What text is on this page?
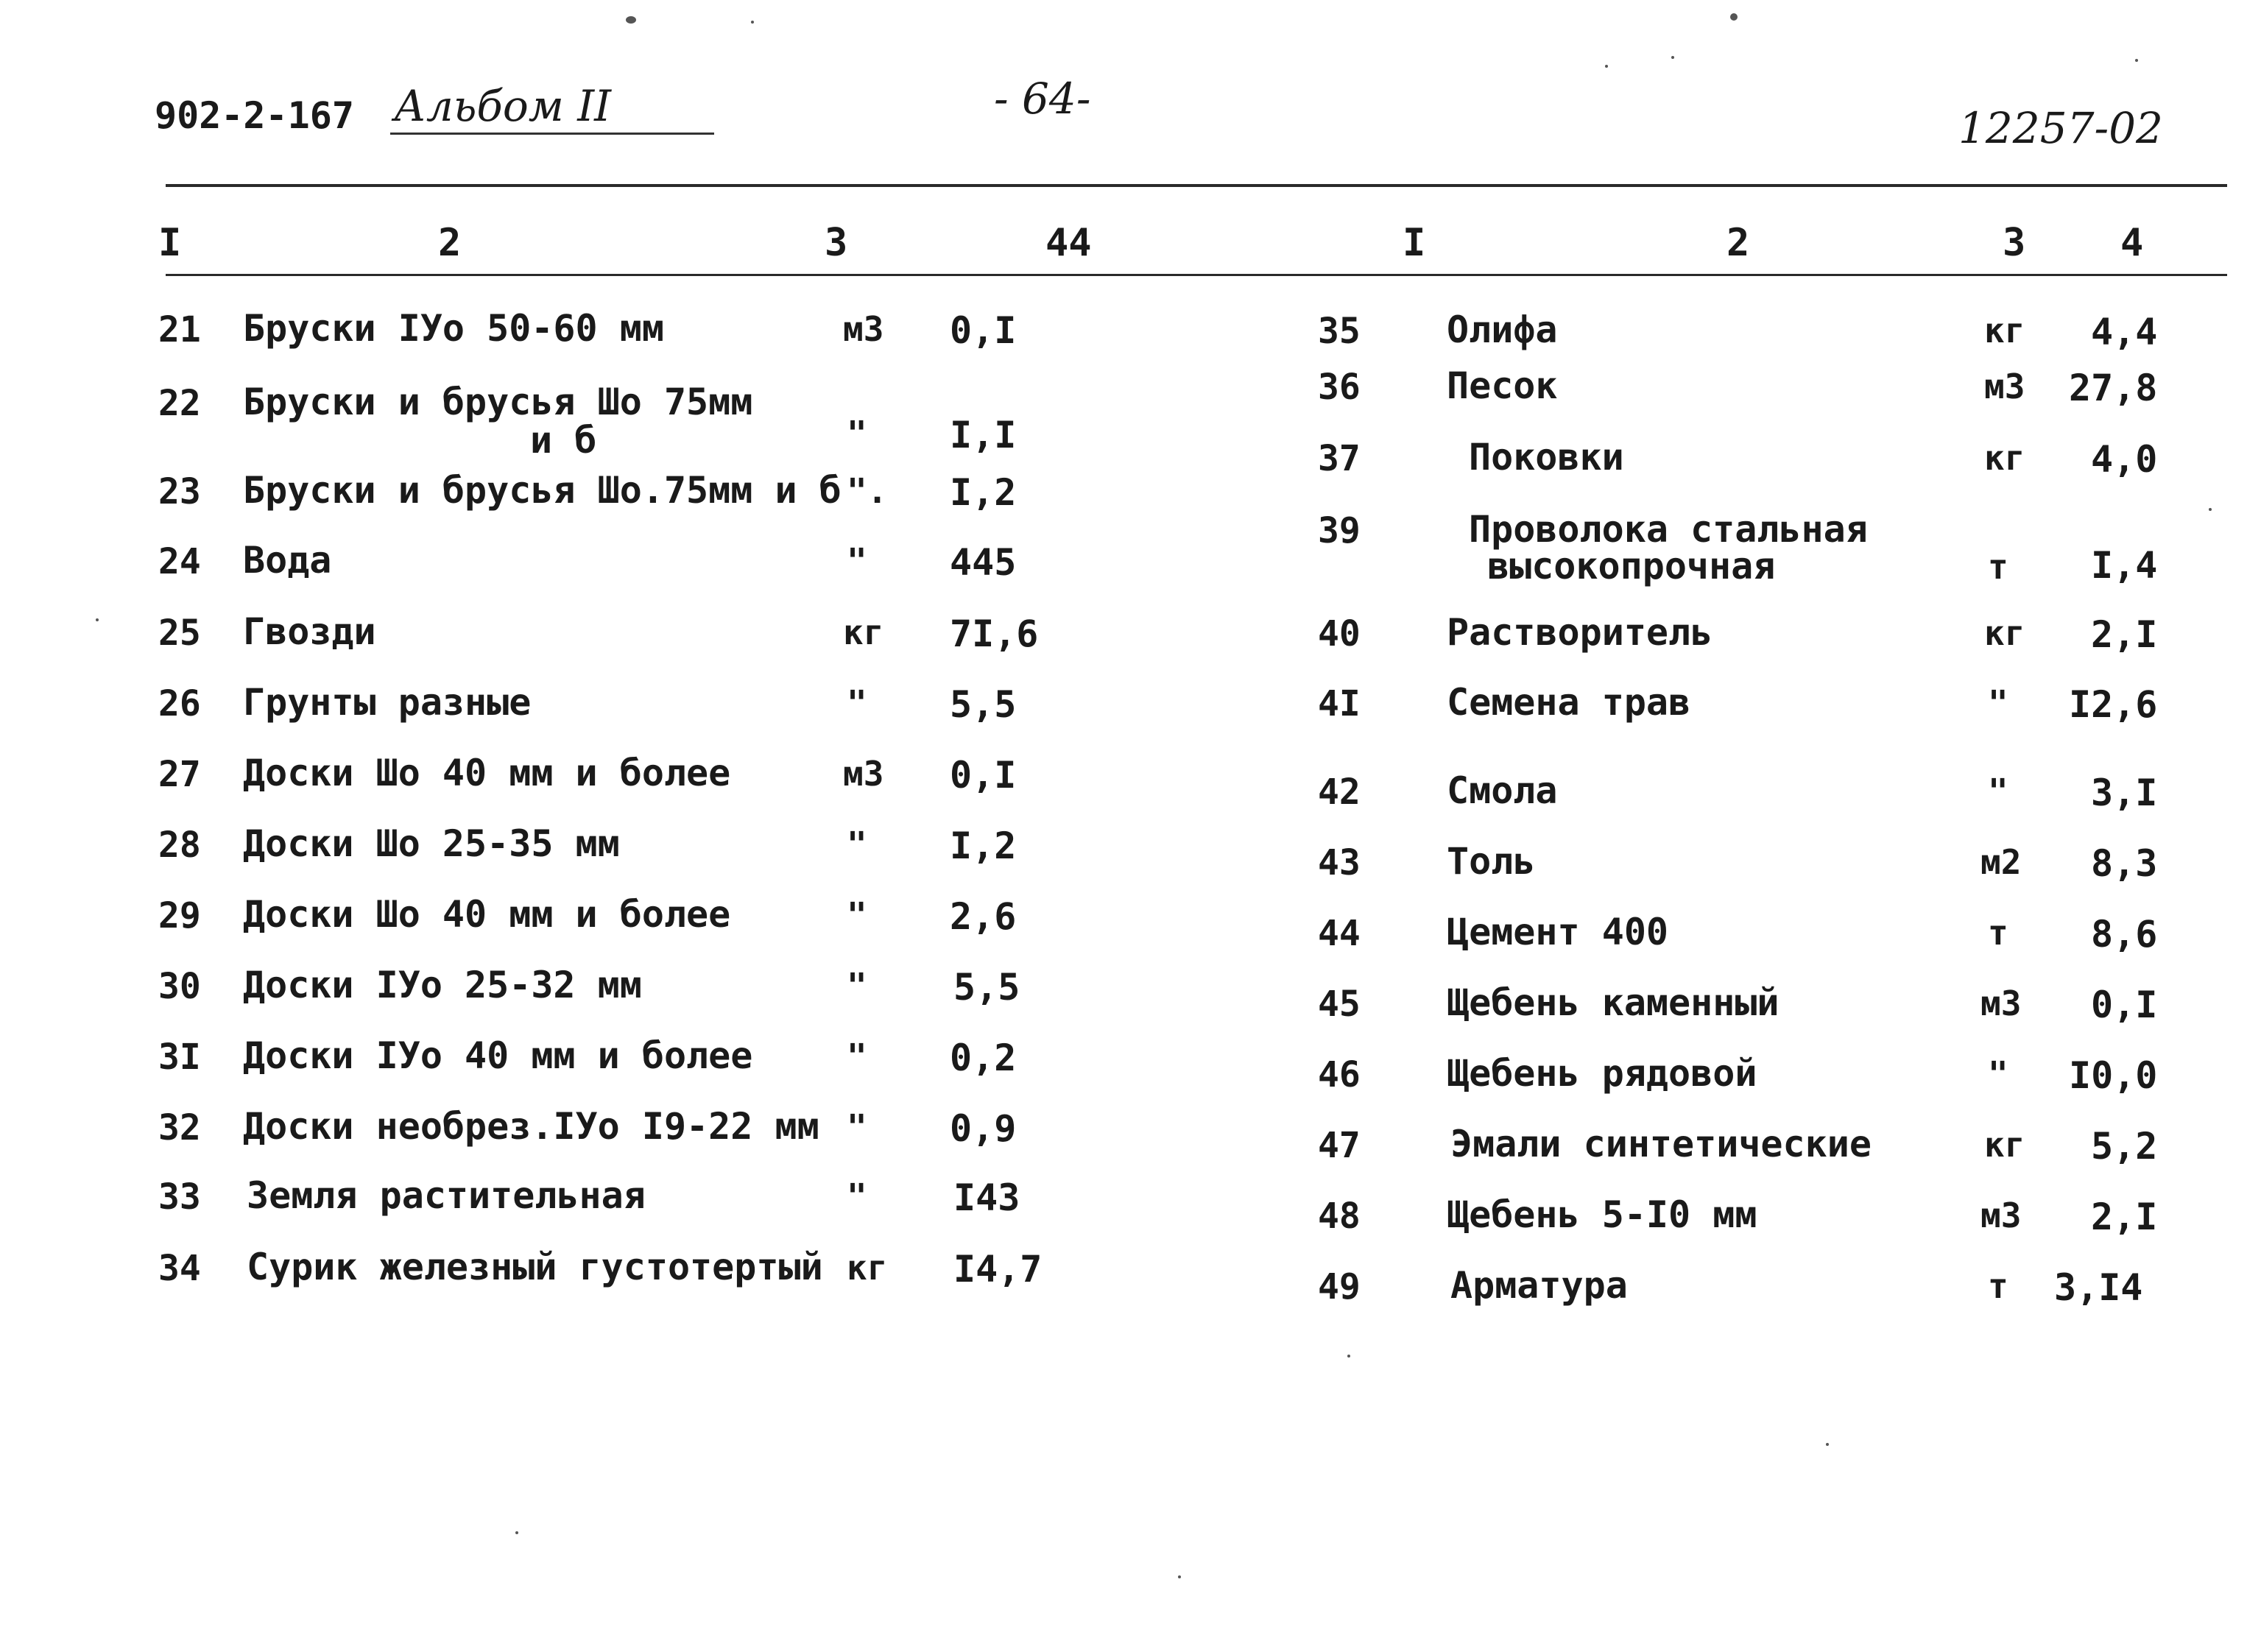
902-2-167 Альбом II	- 64-
12257-02
I	2	3	44	I	2	3 4
21 Бруски IУо 50-60 мм	м3 0,I
22 Бруски и брусья Шо 75мм
и б	" I,I
23 Бруски и брусья Шо.75мм и б ". I,2
24 Вода	" 445
25 Гвозди	кг 7I,6
26 Грунты разные	" 5,5
27 Доски Шо 40 мм и более	м3 0,I
28 Доски Шо 25-35 мм	" I,2
29 Доски Шо 40 мм и более	" 2,6
30 Доски IУо 25-32 мм	" 5,5
3I Доски IУо 40 мм и более	" 0,2
32 Доски необрез.IУо I9-22 мм " 0,9
33 Земля растительная	" I43
34 Сурик железный густотертый кг I4,7
35 Олифа	кг 4,4
36 Песок	м3 27,8
37	Поковки	кг 4,0
39	Проволока стальная
высокопрочная	т I,4
40 Растворитель	кг 2,I
4I Семена трав	" I2,6
42 Смола	" 3,I
43 Толь	м2 8,3
44 Цемент 400	т 8,6
45 Щебень каменный	м3 0,I
46 Щебень рядовой	" I0,0
47 Эмали синтетические	кг 5,2
48 Щебень 5-I0 мм	м3 2,I
49 Арматура	т 3,I4
